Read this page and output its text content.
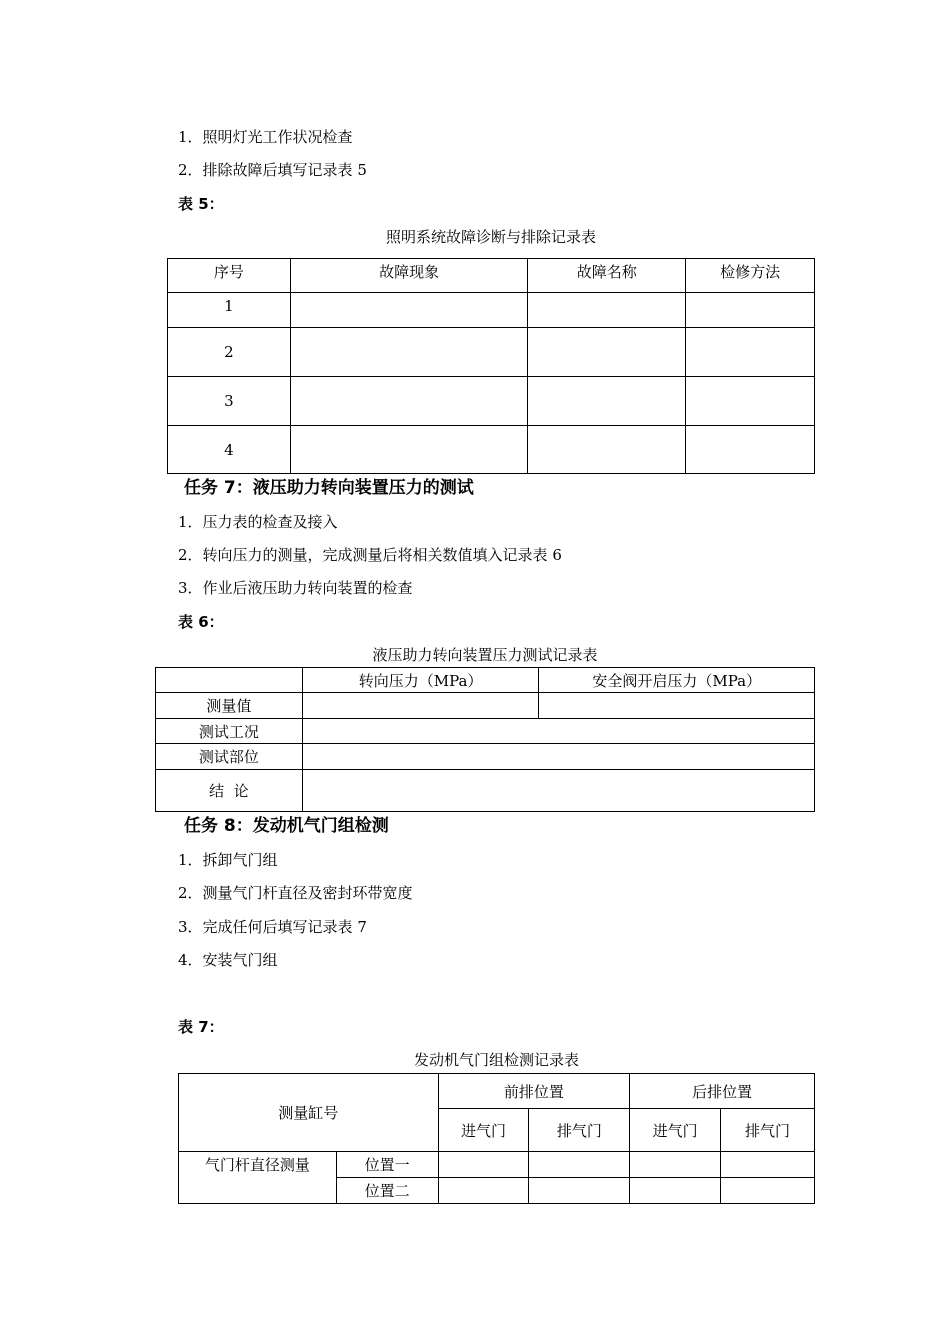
1．照明灯光工作状况检查
2．排除故障后填写记录表 5
表 5：
照明系统故障诊断与排除记录表
序号	故障现象	故障名称	检修方法
1			
2			
3			
4			
任务 7：液压助力转向装置压力的测试
1．压力表的检查及接入
2．转向压力的测量，完成测量后将相关数值填入记录表 6
3．作业后液压助力转向装置的检查
表 6：
液压助力转向装置压力测试记录表
	转向压力（MPa）	安全阀开启压力（MPa）
测量值		
测试工况		
测试部位		
结  论		
任务 8：发动机气门组检测
1．拆卸气门组
2．测量气门杆直径及密封环带宽度
3．完成任何后填写记录表 7
4．安装气门组
表 7：
发动机气门组检测记录表
测量缸号		前排位置		后排位置	
		进气门	排气门	进气门	排气门
气门杆直径测量	位置一				
	位置二				
